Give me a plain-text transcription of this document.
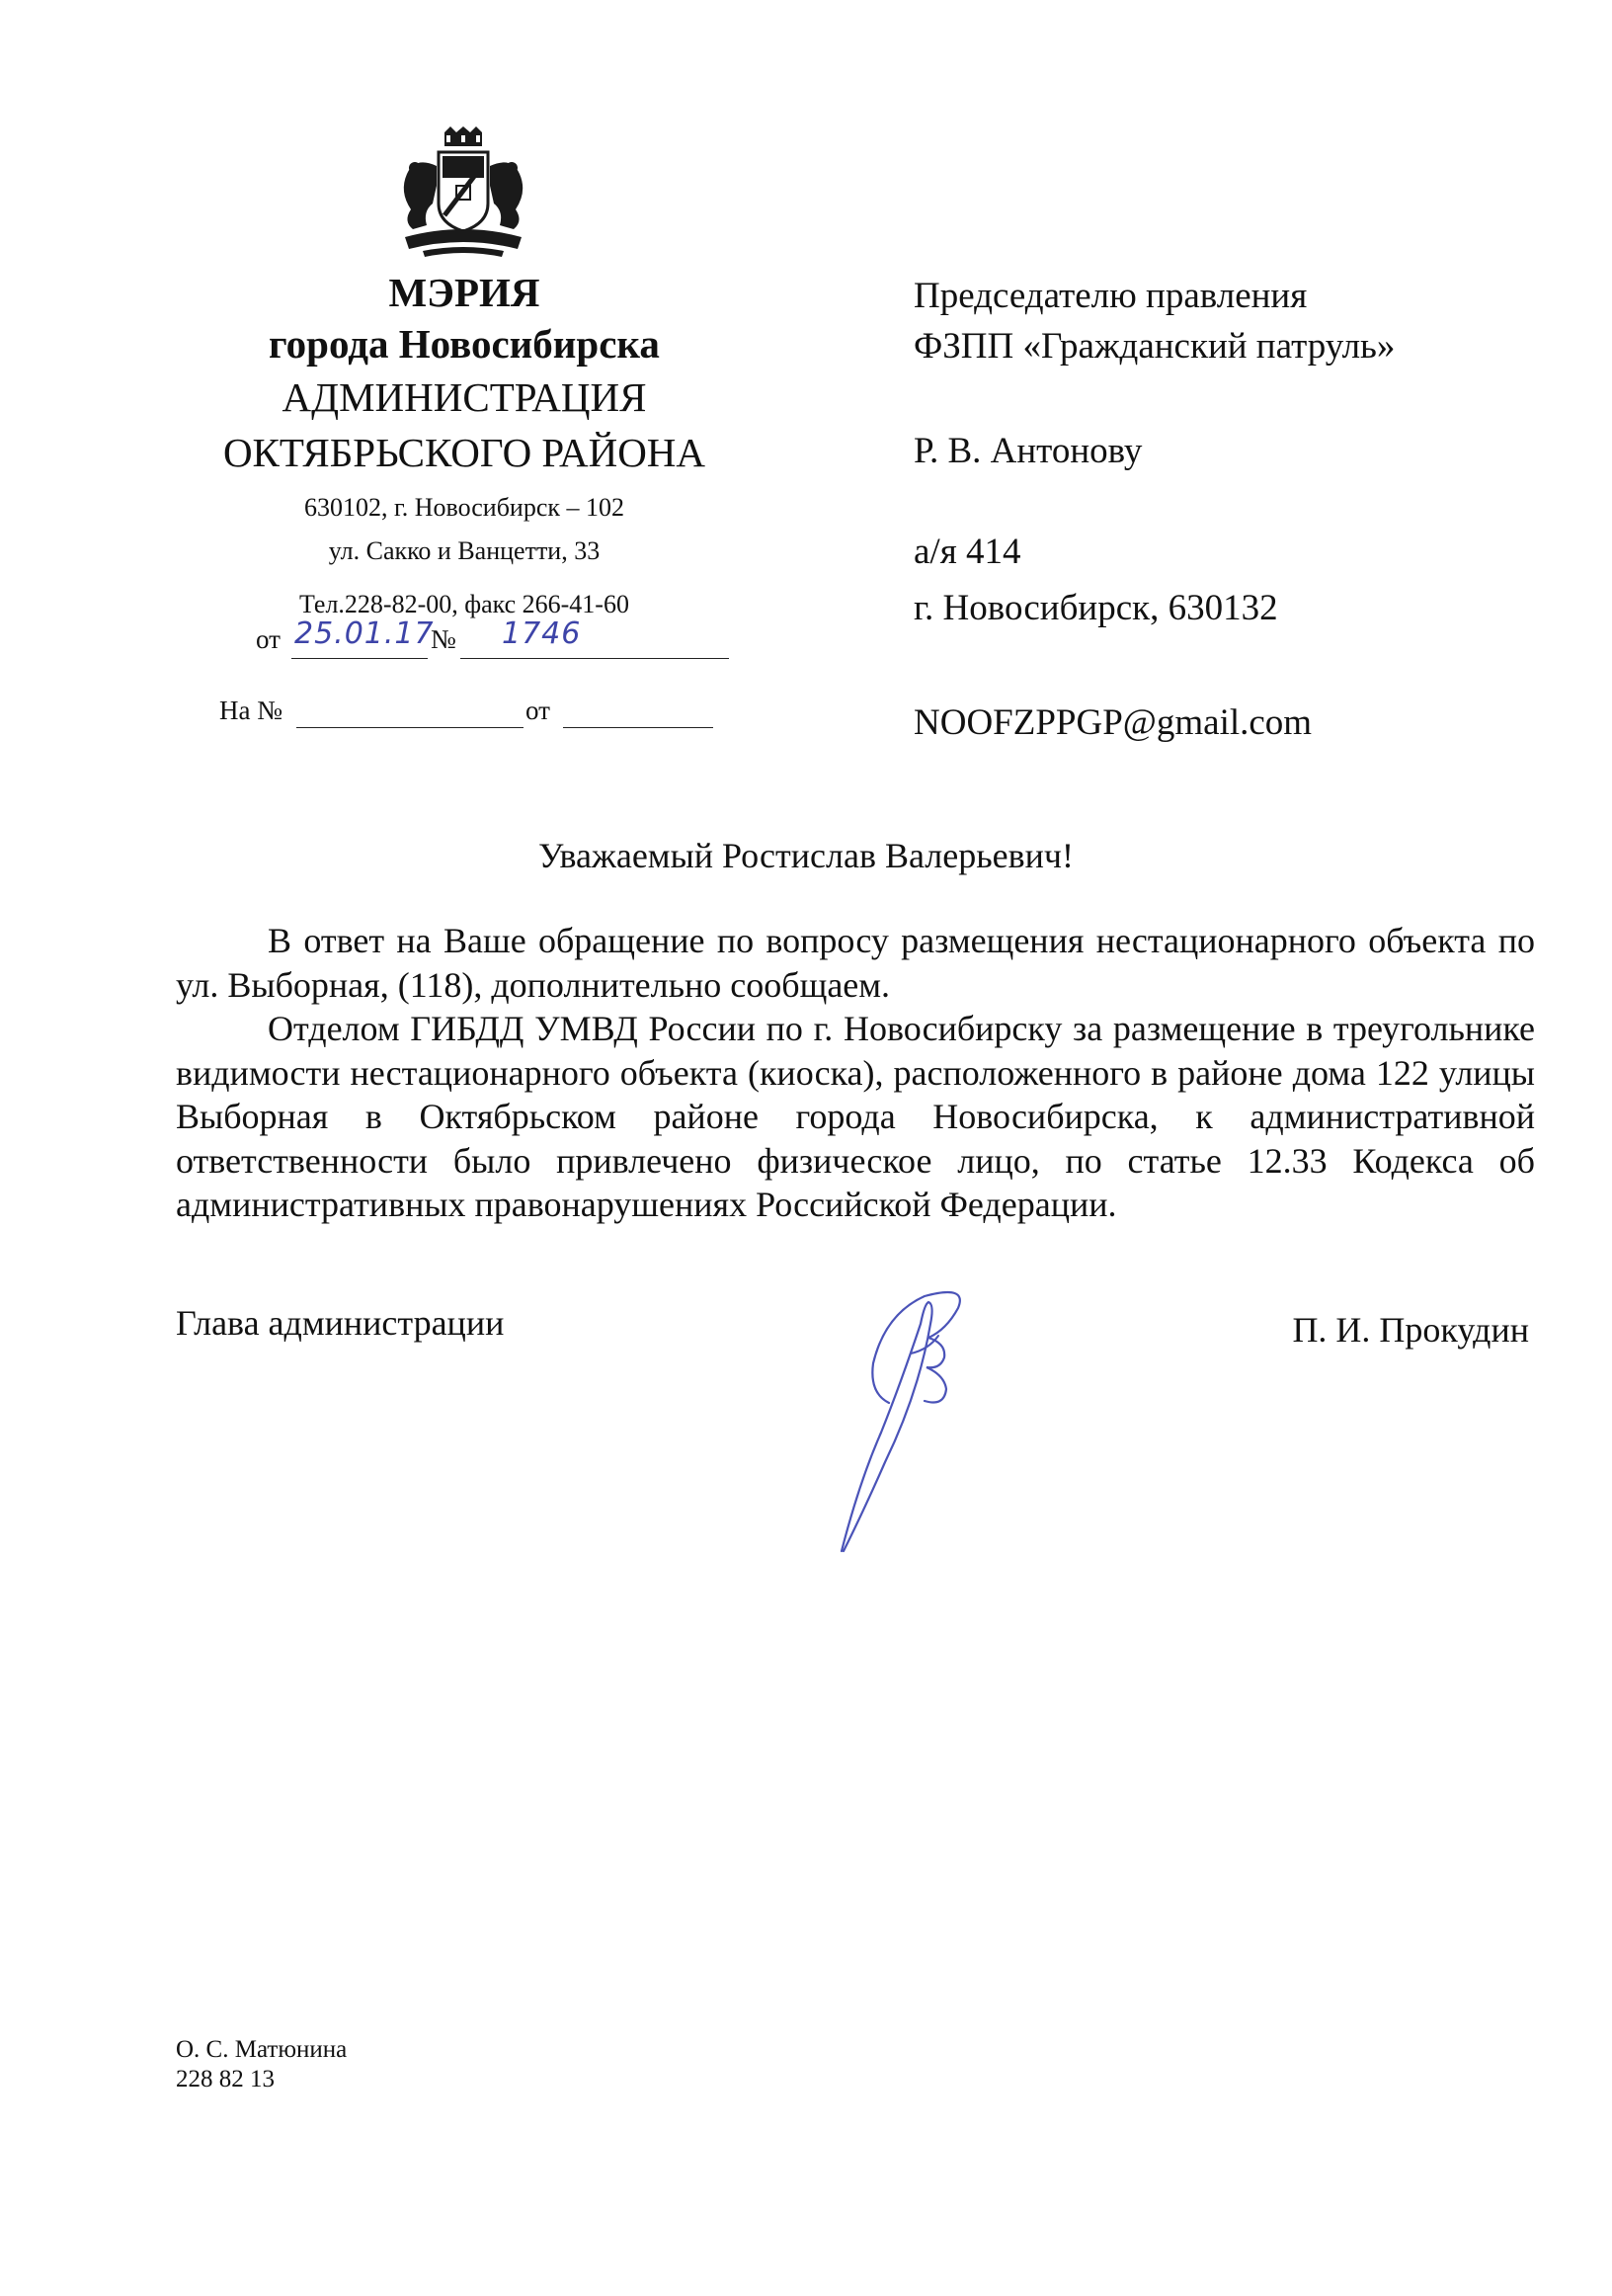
МЭРИЯ
города Новосибирска
АДМИНИСТРАЦИЯ
ОКТЯБРЬСКОГО РАЙОНА
630102, г. Новосибирск – 102
ул. Сакко и Ванцетти, 33
Тел.228-82-00, факс 266-41-60
от 25.01.17
№ 1746
На №	от
Председателю правления
ФЗПП «Гражданский патруль»
Р. В. Антонову
а/я 414
г. Новосибирск, 630132
NOOFZPPGP@gmail.com
Уважаемый Ростислав Валерьевич!

В ответ на Ваше обращение по вопросу размещения нестационарного объекта по ул. Выборная, (118), дополнительно сообщаем.

Отделом ГИБДД УМВД России по г. Новосибирску за размещение в треугольнике видимости нестационарного объекта (киоска), расположенного в районе дома 122 улицы Выборная в Октябрьском районе города Новосибирска, к административной ответственности было привлечено физическое лицо, по статье 12.33 Кодекса об административных правонарушениях Российской Федерации.

Глава администрации	П. И. Прокудин
О. С. Матюнина
228 82 13
